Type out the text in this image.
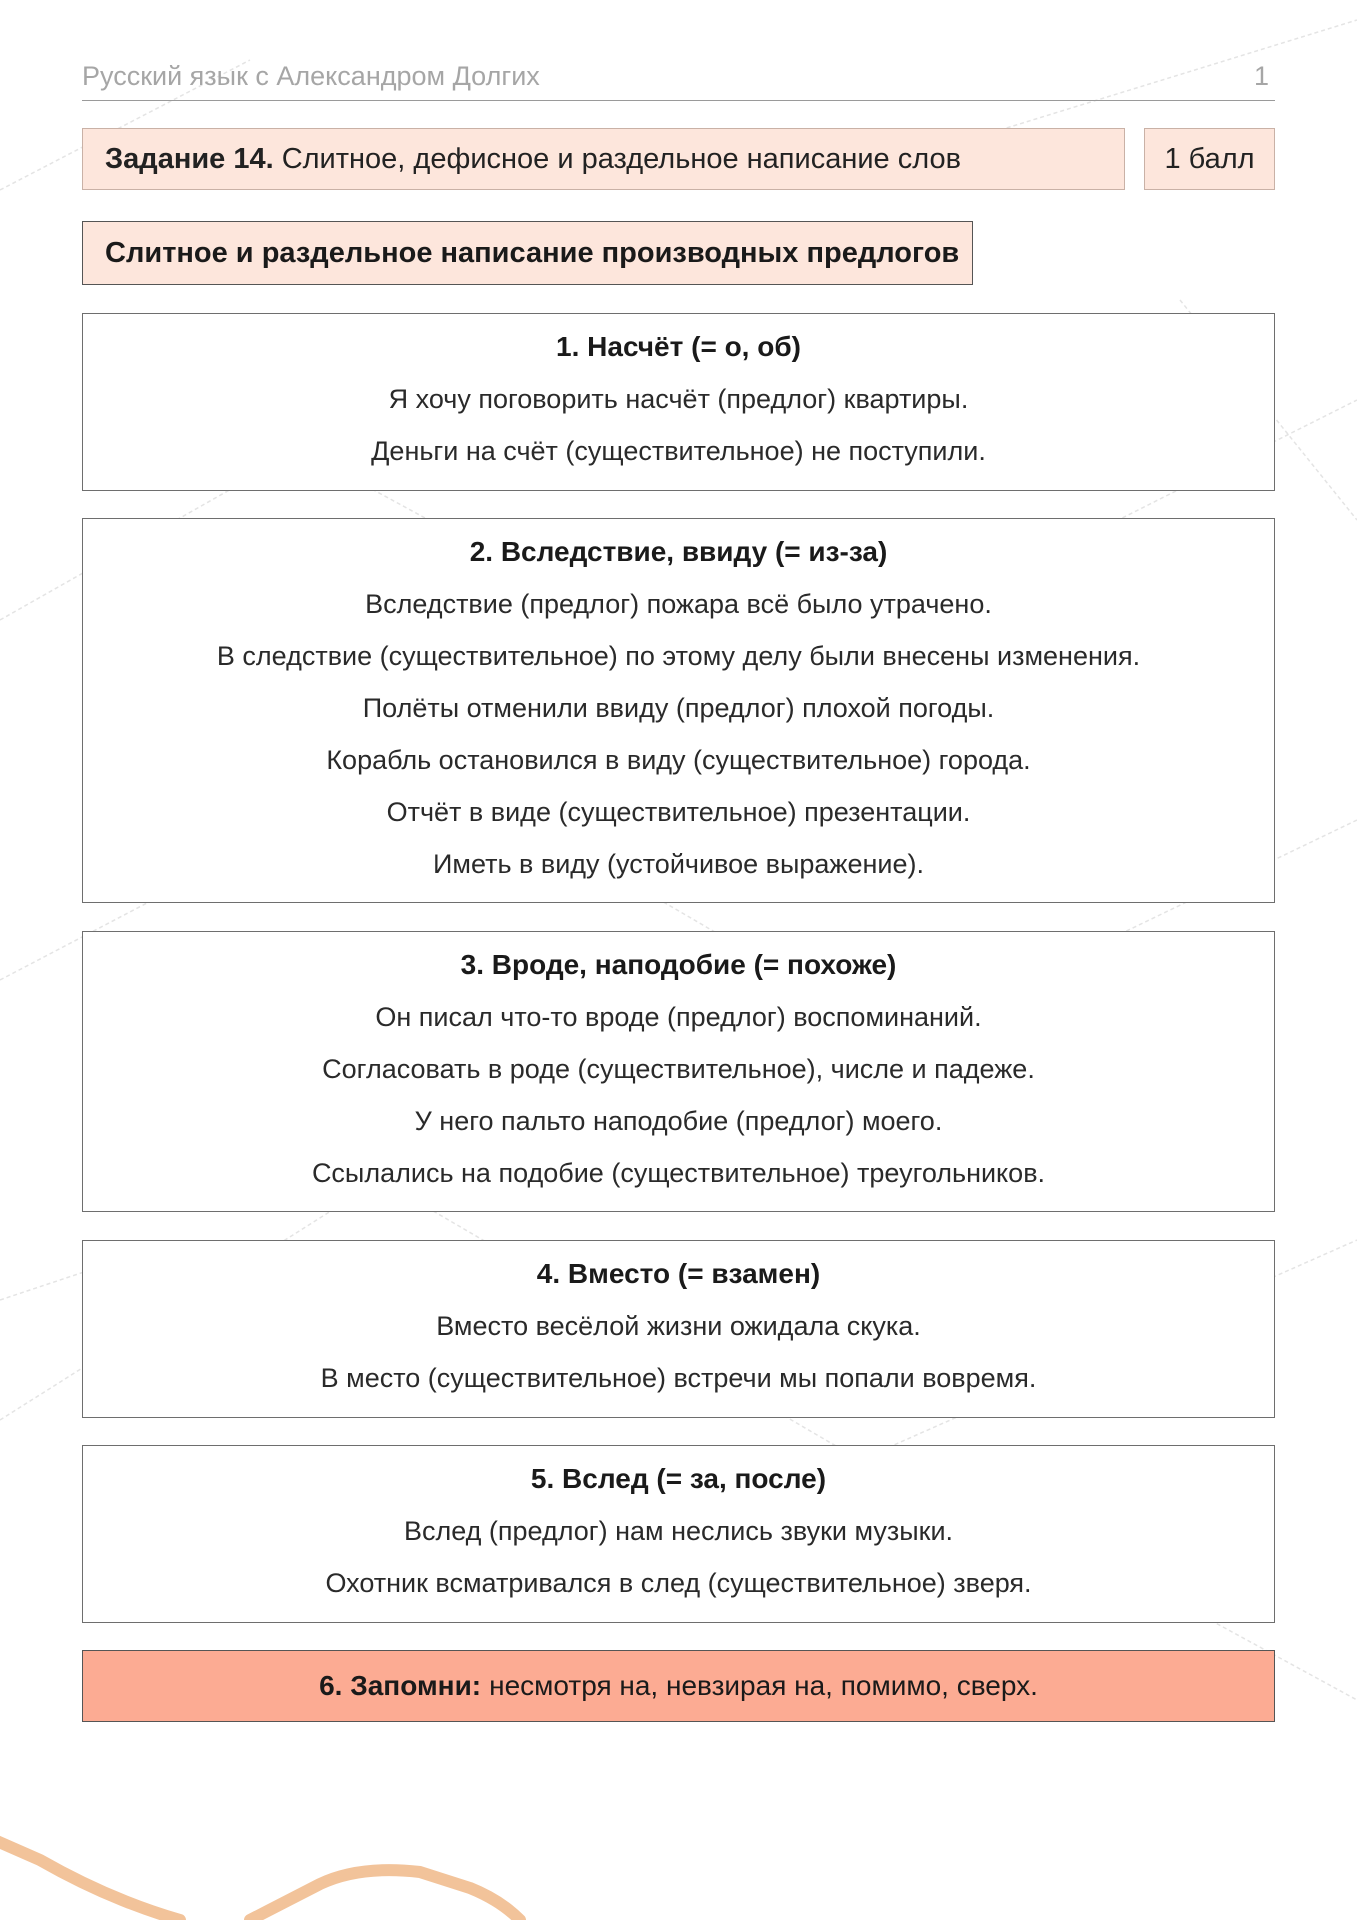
Русский язык с Александром Долгих	1
Задание 14. Слитное, дефисное и раздельное написание слов	1 балл
Слитное и раздельное написание производных предлогов
1. Насчёт (= о, об)
Я хочу поговорить насчёт (предлог) квартиры.
Деньги на счёт (существительное) не поступили.
2. Вследствие, ввиду (= из-за)
Вследствие (предлог) пожара всё было утрачено.
В следствие (существительное) по этому делу были внесены изменения.
Полёты отменили ввиду (предлог) плохой погоды.
Корабль остановился в виду (существительное) города.
Отчёт в виде (существительное) презентации.
Иметь в виду (устойчивое выражение).
3. Вроде, наподобие (= похоже)
Он писал что-то вроде (предлог) воспоминаний.
Согласовать в роде (существительное), числе и падеже.
У него пальто наподобие (предлог) моего.
Ссылались на подобие (существительное) треугольников.
4. Вместо (= взамен)
Вместо весёлой жизни ожидала скука.
В место (существительное) встречи мы попали вовремя.
5. Вслед (= за, после)
Вслед (предлог) нам неслись звуки музыки.
Охотник всматривался в след (существительное) зверя.
6. Запомни: несмотря на, невзирая на, помимо, сверх.
